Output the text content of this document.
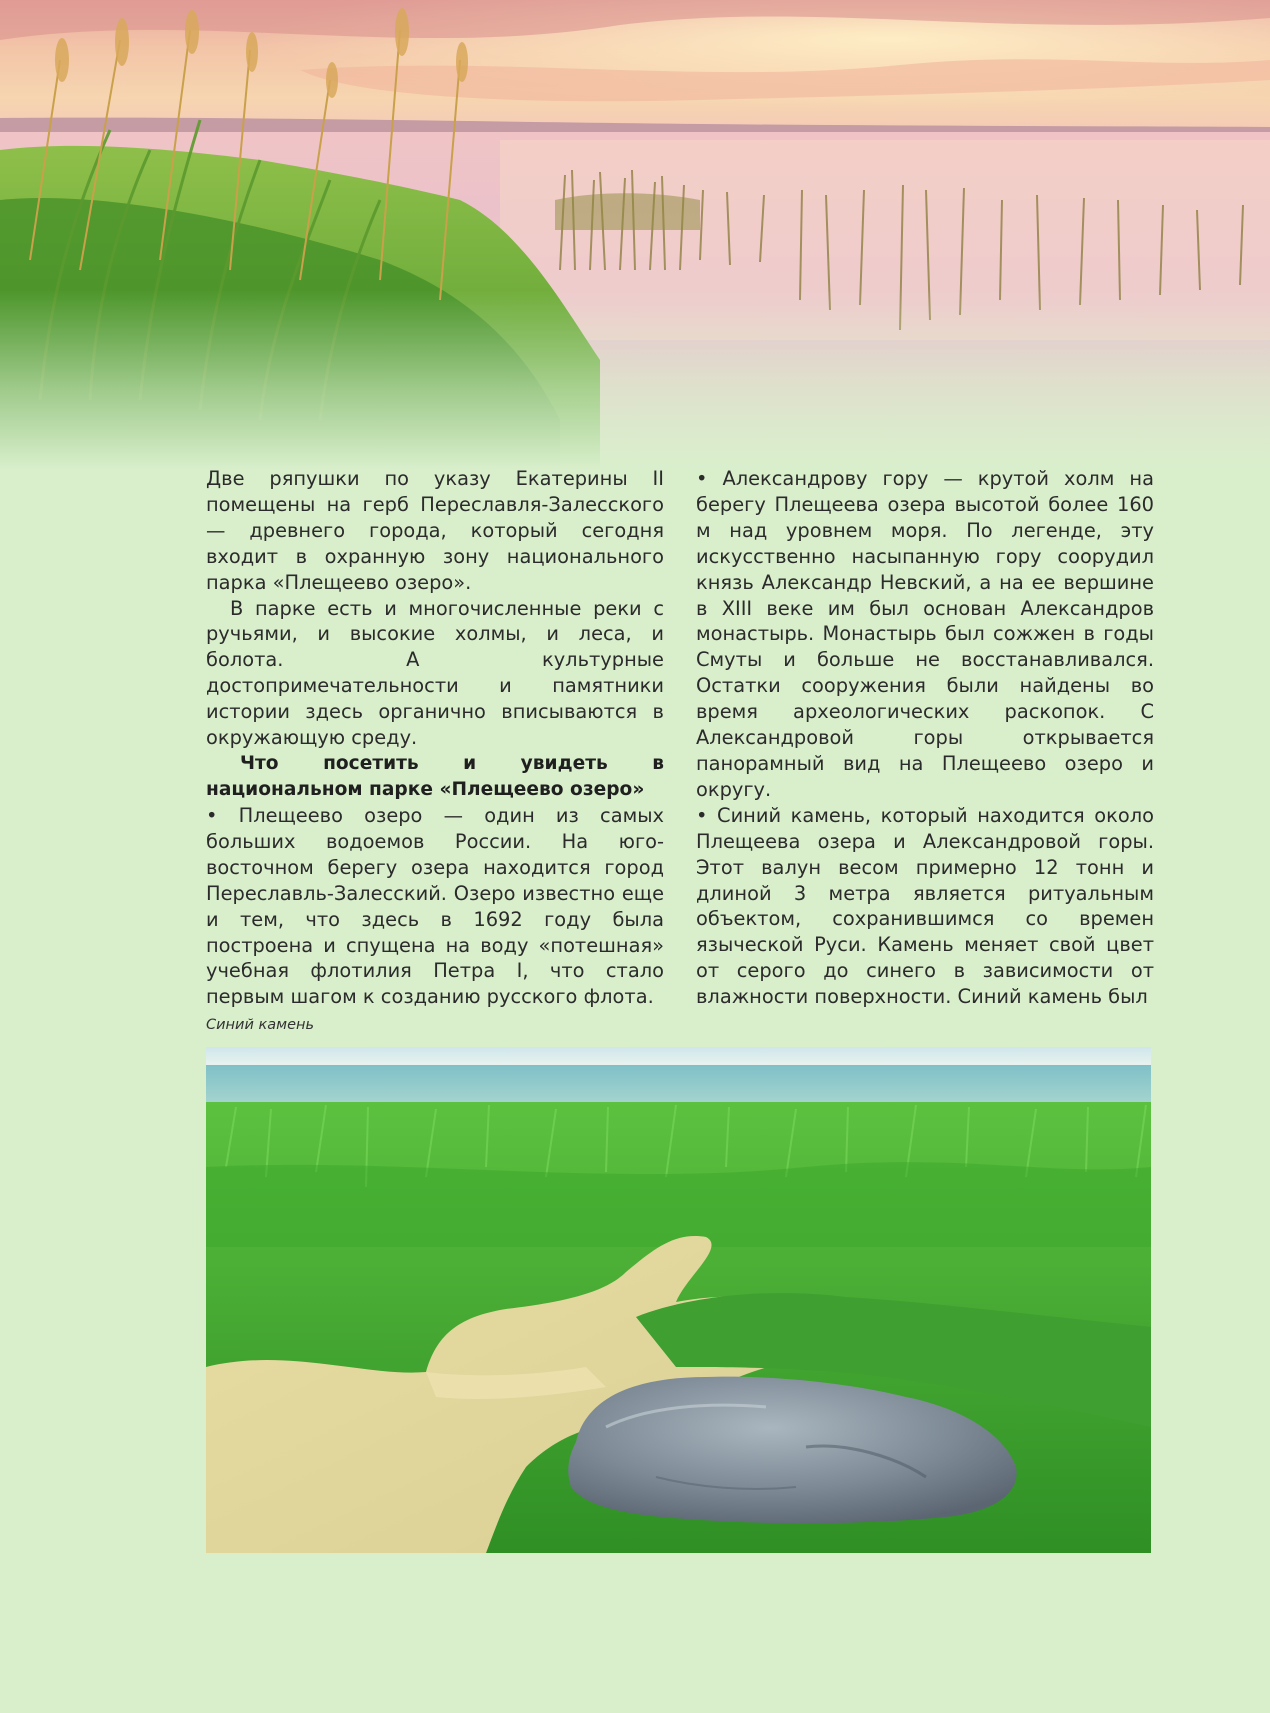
Две ряпушки по указу Екатерины II помещены на герб Переславля-Залесского — древнего города, который сегодня входит в охранную зону национального парка «Плещеево озеро».

В парке есть и многочисленные реки с ручьями, и высокие холмы, и леса, и болота. А культурные достопримечательности и памятники истории здесь органично вписываются в окружающую среду.

Что посетить и увидеть в национальном парке «Плещеево озеро»

• Плещеево озеро — один из самых больших водоемов России. На юго-восточном берегу озера находится город Переславль-Залесский. Озеро известно еще и тем, что здесь в 1692 году была построена и спущена на воду «потешная» учебная флотилия Петра I, что стало первым шагом к созданию русского флота.

• Александрову гору — крутой холм на берегу Плещеева озера высотой более 160 м над уровнем моря. По легенде, эту искусственно насыпанную гору соорудил князь Александр Невский, а на ее вершине в XIII веке им был основан Александров монастырь. Монастырь был сожжен в годы Смуты и больше не восстанавливался. Остатки сооружения были найдены во время археологических раскопок. С Александровой горы открывается панорамный вид на Плещеево озеро и округу.

• Синий камень, который находится около Плещеева озера и Александровой горы. Этот валун весом примерно 12 тонн и длиной 3 метра является ритуальным объектом, сохранившимся со времен языческой Руси. Камень меняет свой цвет от серого до синего в зависимости от влажности поверхности. Синий камень был

Синий камень
